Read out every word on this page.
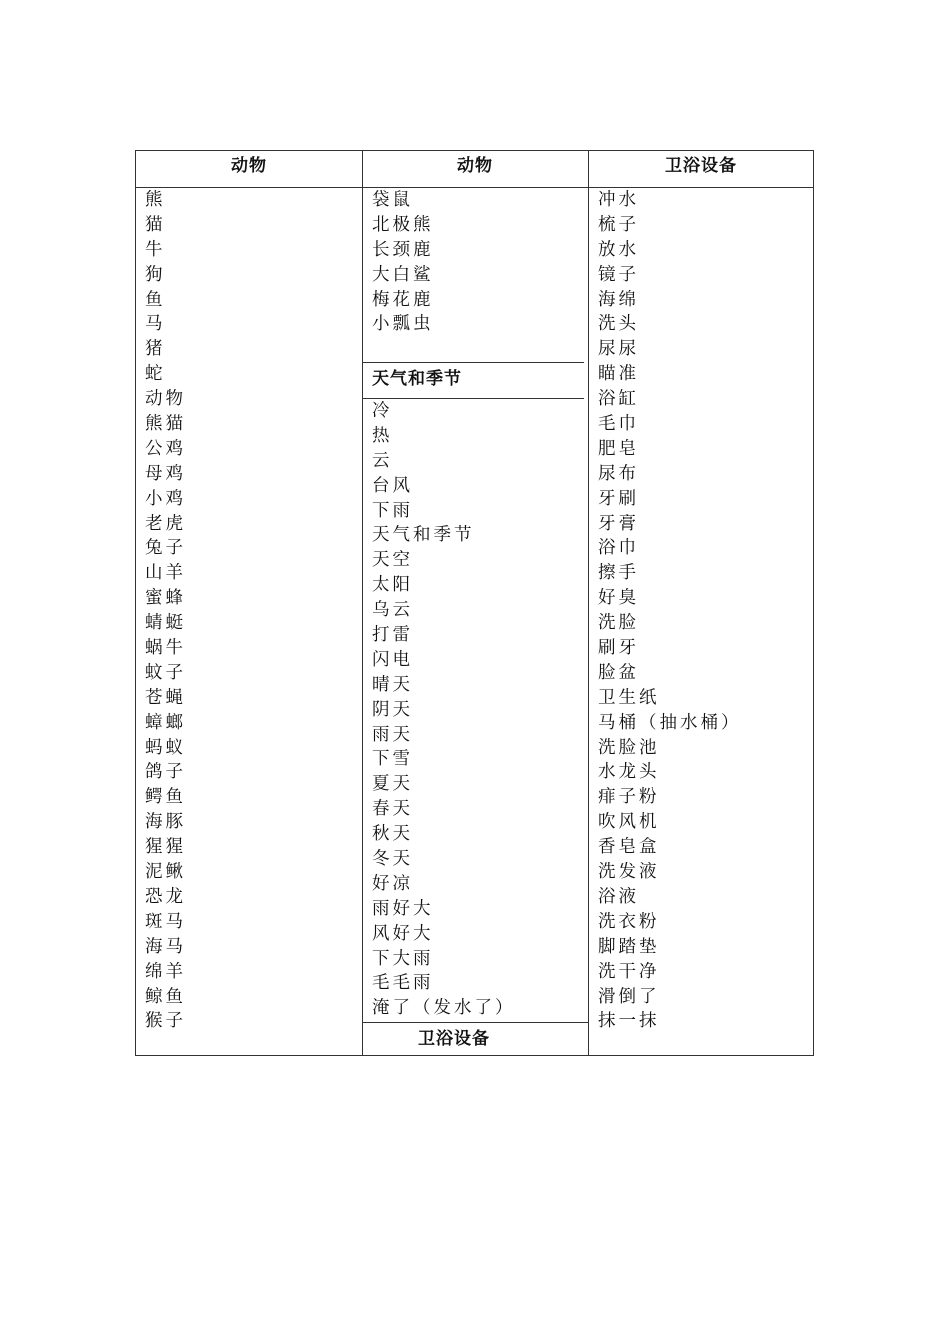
动物	动物	卫浴设备
熊
猫
牛
狗
鱼
马
猪
蛇
动物
熊猫
公鸡
母鸡
小鸡
老虎
兔子
山羊
蜜蜂
蜻蜓
蜗牛
蚊子
苍蝇
蟑螂
蚂蚁
鸽子
鳄鱼
海豚
猩猩
泥鳅
恐龙
斑马
海马
绵羊
鲸鱼
猴子
袋鼠
北极熊
长颈鹿
大白鲨
梅花鹿
小瓢虫
天气和季节
冷
热
云
台风
下雨
天气和季节
天空
太阳
乌云
打雷
闪电
晴天
阴天
雨天
下雪
夏天
春天
秋天
冬天
好凉
雨好大
风好大
下大雨
毛毛雨
淹了（发水了）
卫浴设备
冲水
梳子
放水
镜子
海绵
洗头
尿尿
瞄准
浴缸
毛巾
肥皂
尿布
牙刷
牙膏
浴巾
擦手
好臭
洗脸
刷牙
脸盆
卫生纸
马桶（抽水桶）
洗脸池
水龙头
痱子粉
吹风机
香皂盒
洗发液
浴液
洗衣粉
脚踏垫
洗干净
滑倒了
抹一抹
